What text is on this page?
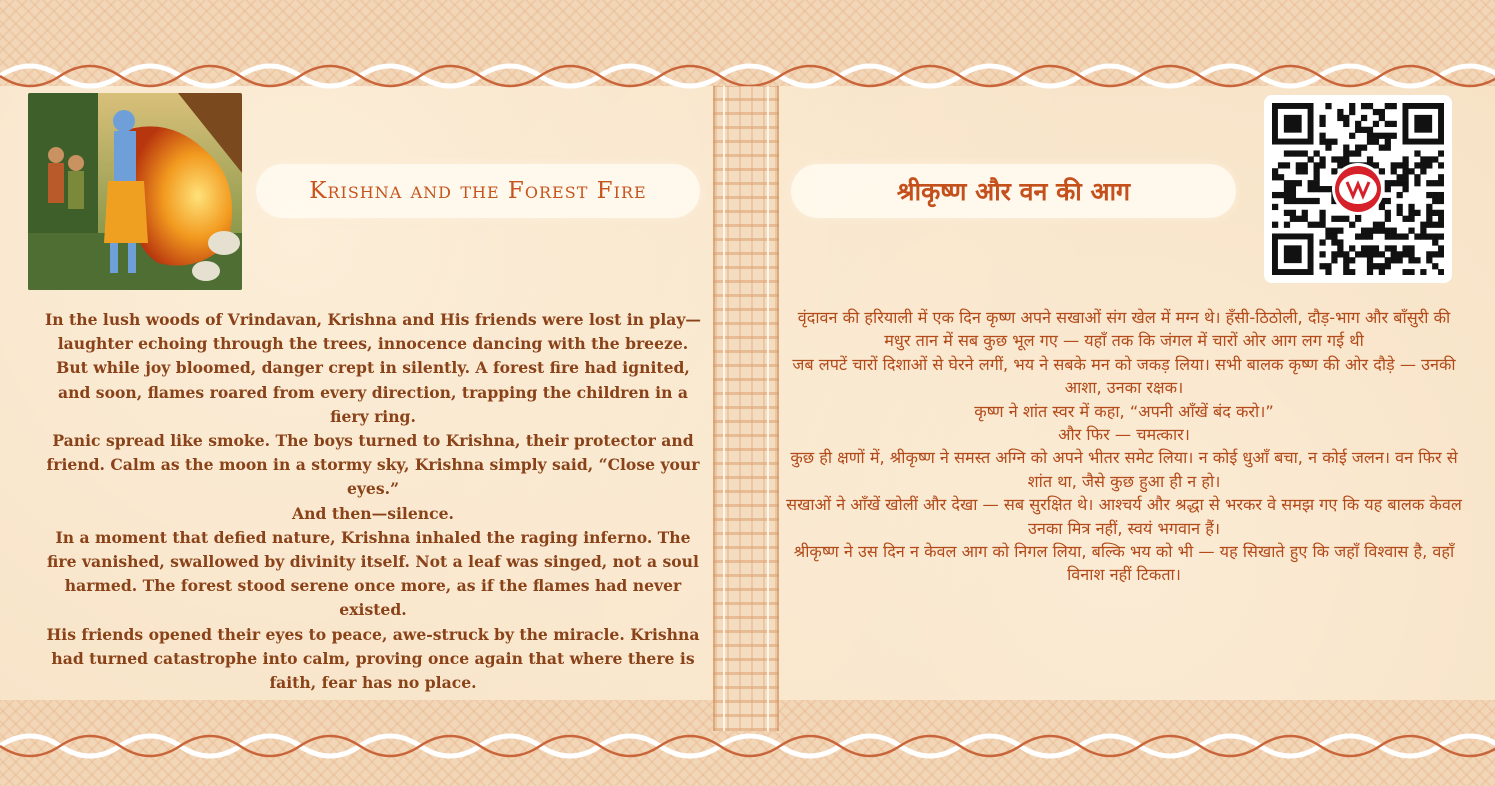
Krishna and the Forest Fire	श्रीकृष्ण और वन की आग

In the lush woods of Vrindavan, Krishna and His friends were lost in play—laughter echoing through the trees, innocence dancing with the breeze. But while joy bloomed, danger crept in silently. A forest fire had ignited, and soon, flames roared from every direction, trapping the children in a fiery ring.

Panic spread like smoke. The boys turned to Krishna, their protector and friend. Calm as the moon in a stormy sky, Krishna simply said, “Close your eyes.”

And then—silence.

In a moment that defied nature, Krishna inhaled the raging inferno. The fire vanished, swallowed by divinity itself. Not a leaf was singed, not a soul harmed. The forest stood serene once more, as if the flames had never existed.

His friends opened their eyes to peace, awe-struck by the miracle. Krishna had turned catastrophe into calm, proving once again that where there is faith, fear has no place.

वृंदावन की हरियाली में एक दिन कृष्ण अपने सखाओं संग खेल में मग्न थे। हँसी-ठिठोली, दौड़-भाग और बाँसुरी की मधुर तान में सब कुछ भूल गए — यहाँ तक कि जंगल में चारों ओर आग लग गई थी

जब लपटें चारों दिशाओं से घेरने लगीं, भय ने सबके मन को जकड़ लिया। सभी बालक कृष्ण की ओर दौड़े — उनकी आशा, उनका रक्षक।

कृष्ण ने शांत स्वर में कहा, “अपनी आँखें बंद करो।”

और फिर — चमत्कार।

कुछ ही क्षणों में, श्रीकृष्ण ने समस्त अग्नि को अपने भीतर समेट लिया। न कोई धुआँ बचा, न कोई जलन। वन फिर से शांत था, जैसे कुछ हुआ ही न हो।

सखाओं ने आँखें खोलीं और देखा — सब सुरक्षित थे। आश्चर्य और श्रद्धा से भरकर वे समझ गए कि यह बालक केवल उनका मित्र नहीं, स्वयं भगवान हैं।

श्रीकृष्ण ने उस दिन न केवल आग को निगल लिया, बल्कि भय को भी — यह सिखाते हुए कि जहाँ विश्वास है, वहाँ विनाश नहीं टिकता।
